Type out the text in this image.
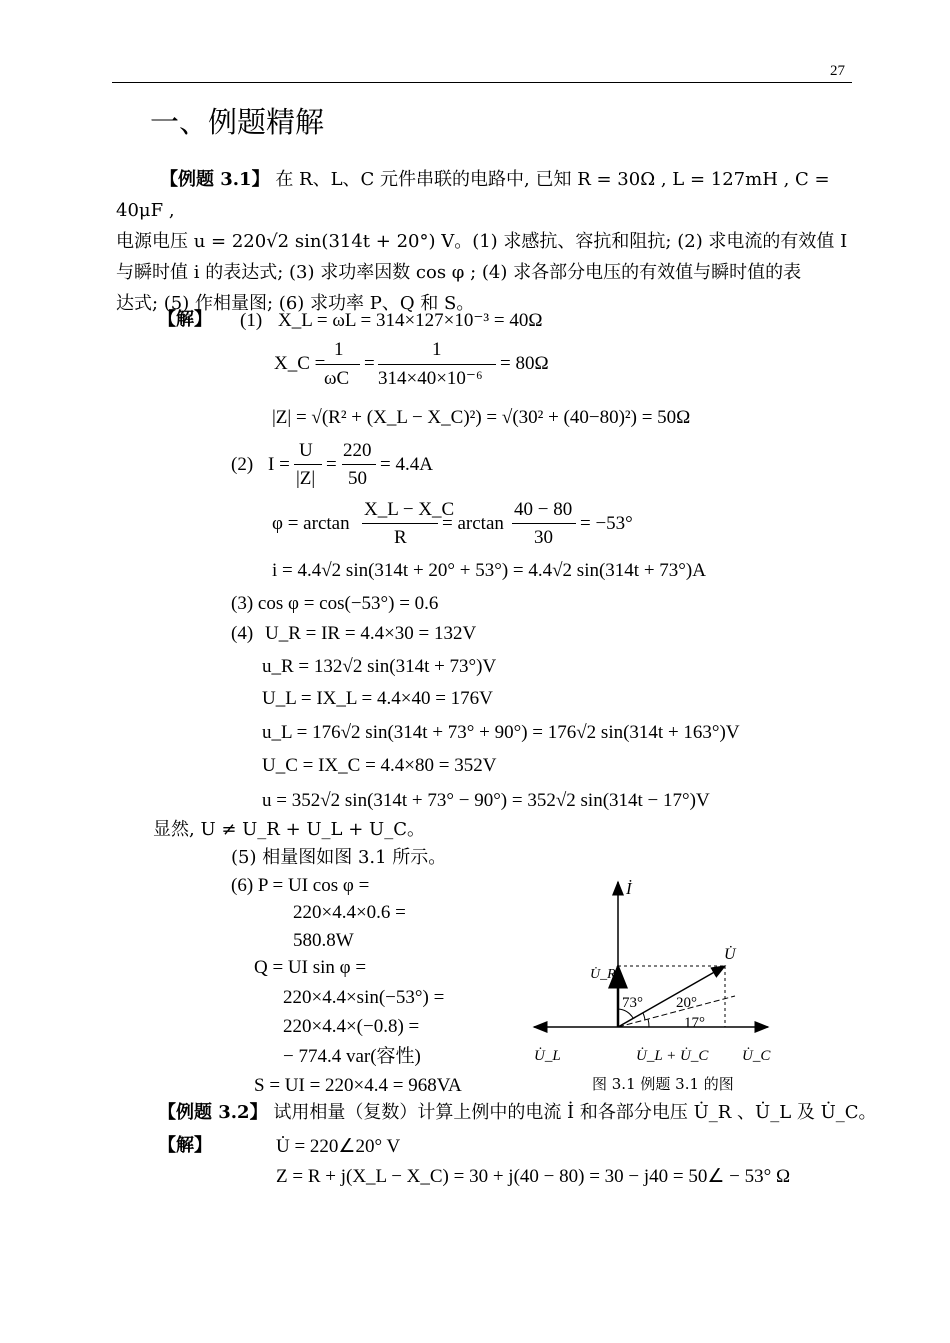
27
一、例题精解

【例题 3.1】 在 R、L、C 元件串联的电路中, 已知 R = 30Ω , L = 127mH , C = 40μF ,

电源电压 u = 220√2 sin(314t + 20°) V。(1) 求感抗、容抗和阻抗; (2) 求电流的有效值 I

与瞬时值 i 的表达式; (3) 求功率因数 cos φ ; (4) 求各部分电压的有效值与瞬时值的表

达式; (5) 作相量图; (6) 求功率 P、Q 和 S。

【解】 (1) X_L = ωL = 314×127×10⁻³ = 40Ω
X_C =
1
ωC
=
1
314×40×10⁻⁶
= 80Ω
|Z| = √(R² + (X_L − X_C)²) = √(30² + (40−80)²) = 50Ω
(2) I =
U
|Z|
=
220
50
= 4.4A
φ = arctan
X_L − X_C
R
= arctan
40 − 80
30
= −53°
i = 4.4√2 sin(314t + 20° + 53°) = 4.4√2 sin(314t + 73°)A
(3) cos φ = cos(−53°) = 0.6
(4) U_R = IR = 4.4×30 = 132V
u_R = 132√2 sin(314t + 73°)V
U_L = IX_L = 4.4×40 = 176V
u_L = 176√2 sin(314t + 73° + 90°) = 176√2 sin(314t + 163°)V
U_C = IX_C = 4.4×80 = 352V
u = 352√2 sin(314t + 73° − 90°) = 352√2 sin(314t − 17°)V
显然, U ≠ U_R + U_L + U_C。
(5) 相量图如图 3.1 所示。
(6) P = UI cos φ =
220×4.4×0.6 =
580.8W
Q = UI sin φ =
220×4.4×sin(−53°) =
220×4.4×(−0.8) =
− 774.4 var(容性)
S = UI = 220×4.4 = 968VA
İ
U̇
U̇_R
73° 20°
17°
U̇_L	U̇_L + U̇_C U̇_C
图 3.1 例题 3.1 的图
【例题 3.2】 试用相量（复数）计算上例中的电流 İ 和各部分电压 U̇_R 、U̇_L 及 U̇_C。
【解】	U̇ = 220∠20° V
Z = R + j(X_L − X_C) = 30 + j(40 − 80) = 30 − j40 = 50∠ − 53° Ω
